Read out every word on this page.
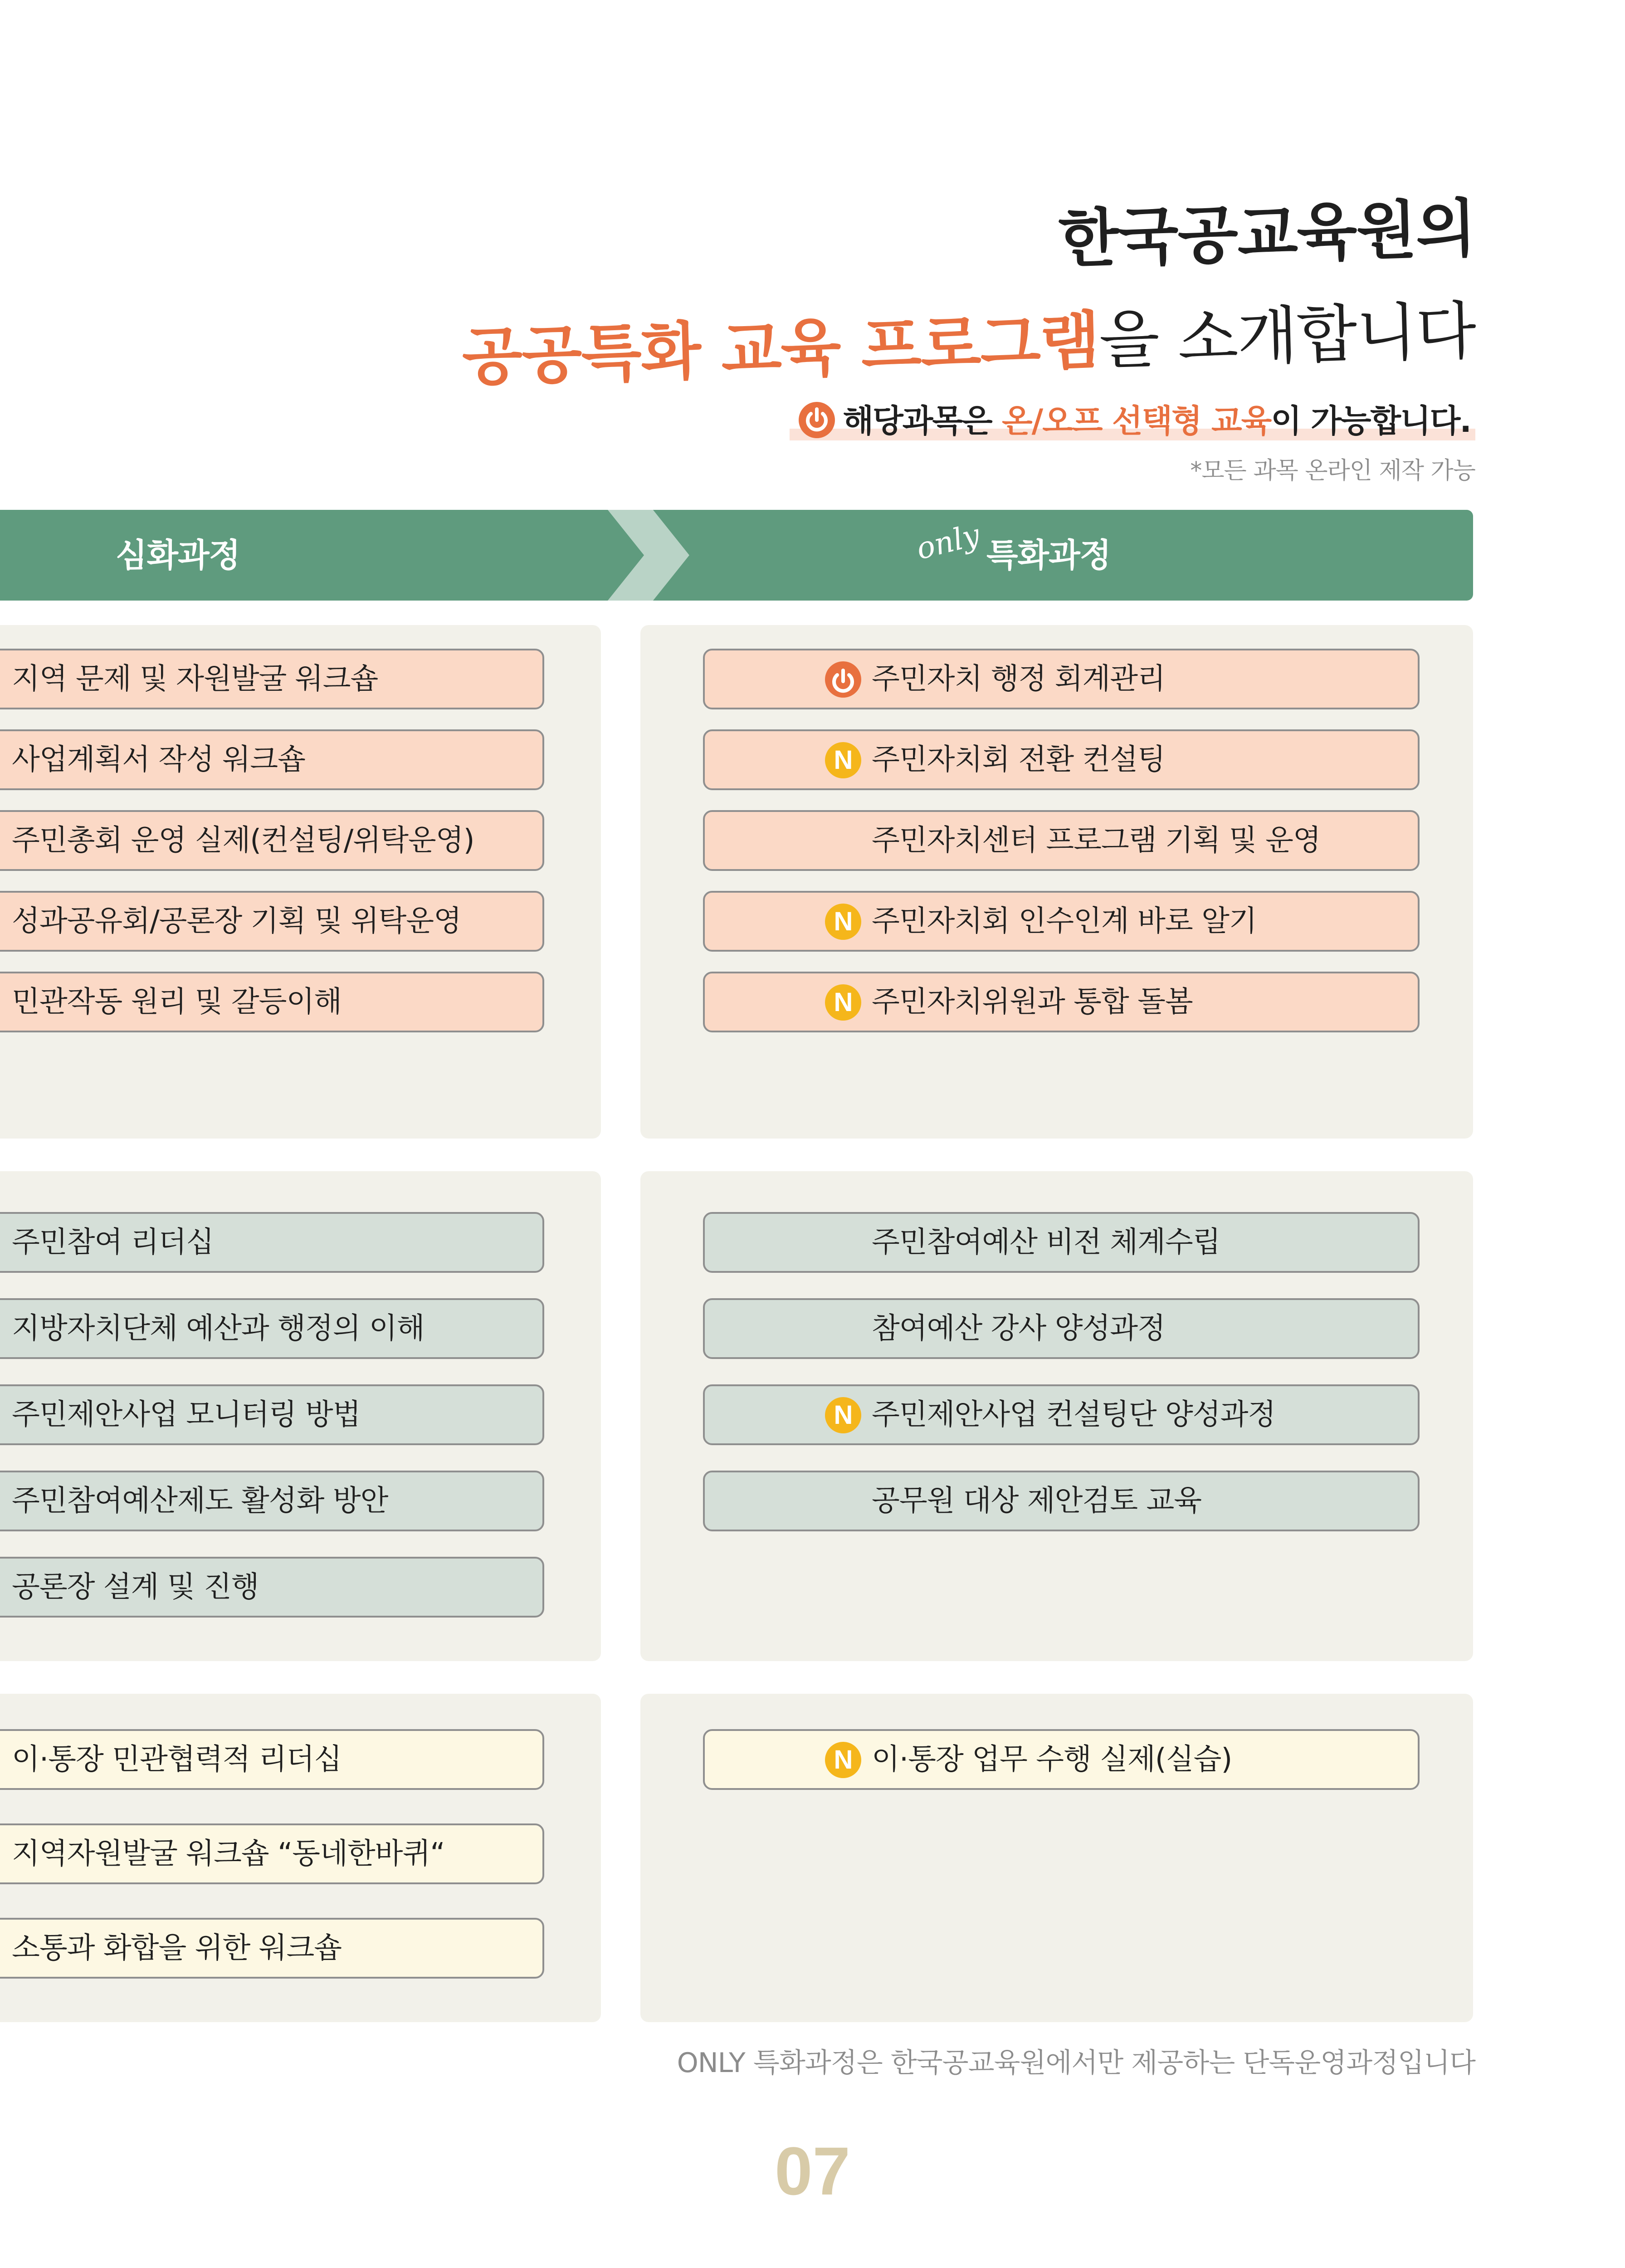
한국공교육원의
공공특화 교육 프로그램을 소개합니다
해당과목은 온/오프 선택형 교육이 가능합니다.
*모든 과목 온라인 제작 가능
심화과정	only 특화과정
지역 문제 및 자원발굴 워크숍
사업계획서 작성 워크숍
주민총회 운영 실제(컨설팅/위탁운영)
성과공유회/공론장 기획 및 위탁운영
민관작동 원리 및 갈등이해
주민자치 행정 회계관리
N 주민자치회 전환 컨설팅
주민자치센터 프로그램 기획 및 운영
N 주민자치회 인수인계 바로 알기
N 주민자치위원과 통합 돌봄
주민참여 리더십
지방자치단체 예산과 행정의 이해
주민제안사업 모니터링 방법
주민참여예산제도 활성화 방안
공론장 설계 및 진행
주민참여예산 비전 체계수립
참여예산 강사 양성과정
N 주민제안사업 컨설팅단 양성과정
공무원 대상 제안검토 교육
이·통장 민관협력적 리더십
지역자원발굴 워크숍 “동네한바퀴“
소통과 화합을 위한 워크숍
N 이·통장 업무 수행 실제(실습)
ONLY 특화과정은 한국공교육원에서만 제공하는 단독운영과정입니다
07
